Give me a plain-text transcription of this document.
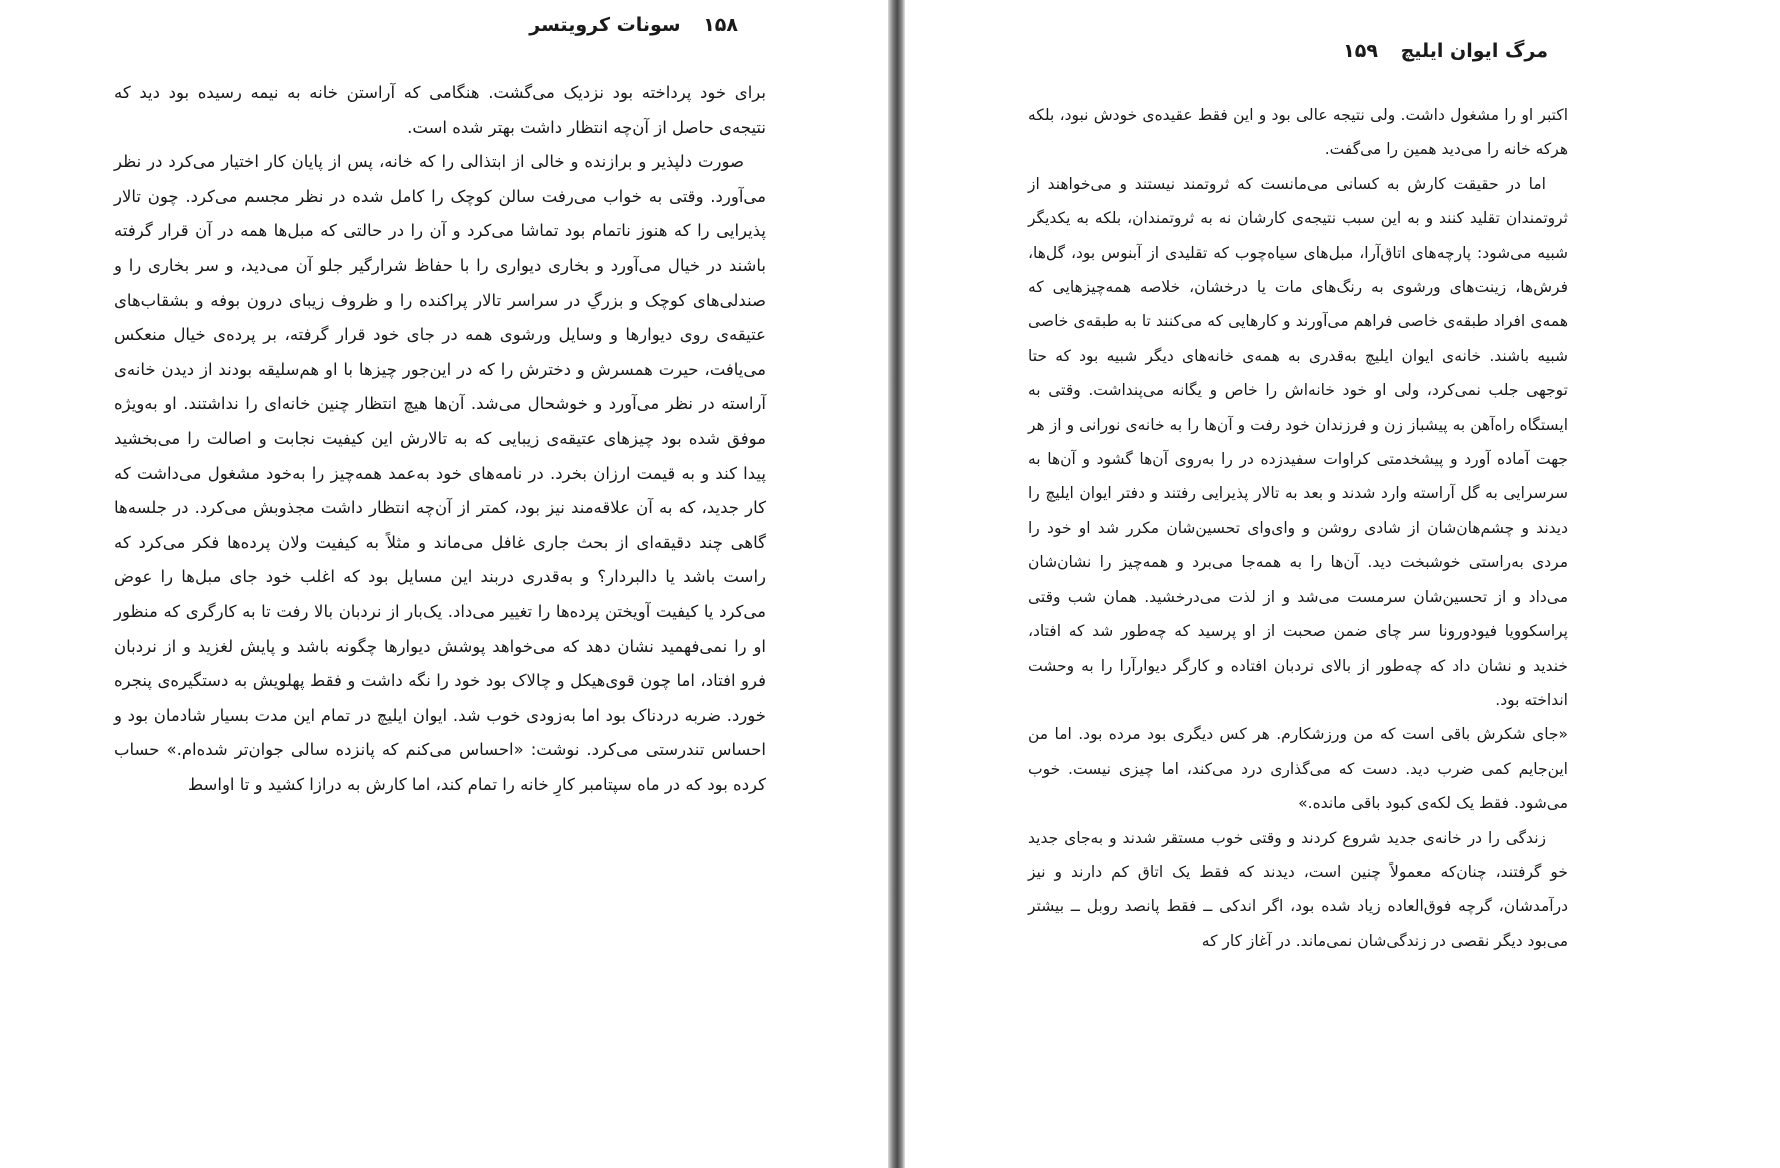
۱۵۸ سونات کرویتسر

برای خود پرداخته بود نزدیک می‌گشت. هنگامی که آراستن خانه به نیمه رسیده بود دید که نتیجه‌ی حاصل از آن‌چه انتظار داشت بهتر شده است.

صورت دلپذیر و برازنده و خالی از ابتذالی را که خانه، پس از پایان کار اختیار می‌کرد در نظر می‌آورد. وقتی به خواب می‌رفت سالن کوچک را کامل شده در نظر مجسم می‌کرد. چون تالار پذیرایی را که هنوز ناتمام بود تماشا می‌کرد و آن را در حالتی که مبل‌ها همه در آن قرار گرفته باشند در خیال می‌آورد و بخاری دیواری را با حفاظ شرارگیر جلو آن می‌دید، و سر بخاری را و صندلی‌های کوچک و بزرگِ در سراسر تالار پراکنده را و ظروف زیبای درون بوفه و بشقاب‌های عتیقه‌ی روی دیوارها و وسایل ورشوی همه در جای خود قرار گرفته، بر پرده‌ی خیال منعکس می‌یافت، حیرت همسرش و دخترش را که در این‌جور چیزها با او هم‌سلیقه بودند از دیدن خانه‌ی آراسته در نظر می‌آورد و خوشحال می‌شد. آن‌ها هیچ انتظار چنین خانه‌ای را نداشتند. او به‌ویژه موفق شده بود چیزهای عتیقه‌ی زیبایی که به تالارش این کیفیت نجابت و اصالت را می‌بخشید پیدا کند و به قیمت ارزان بخرد. در نامه‌های خود به‌عمد همه‌چیز را به‌خود مشغول می‌داشت که کار جدید، که به آن علاقه‌مند نیز بود، کمتر از آن‌چه انتظار داشت مجذوبش می‌کرد. در جلسه‌ها گاهی چند دقیقه‌ای از بحث جاری غافل می‌ماند و مثلاً به کیفیت ولان پرده‌ها فکر می‌کرد که راست باشد یا دالبردار؟ و به‌قدری دربند این مسایل بود که اغلب خود جای مبل‌ها را عوض می‌کرد یا کیفیت آویختن پرده‌ها را تغییر می‌داد. یک‌بار از نردبان بالا رفت تا به کارگری که منظور او را نمی‌فهمید نشان دهد که می‌خواهد پوشش دیوارها چگونه باشد و پایش لغزید و از نردبان فرو افتاد، اما چون قوی‌هیکل و چالاک بود خود را نگه داشت و فقط پهلویش به دستگیره‌ی پنجره خورد. ضربه دردناک بود اما به‌زودی خوب شد. ایوان ایلیچ در تمام این مدت بسیار شادمان بود و احساس تندرستی می‌کرد. نوشت: «احساس می‌کنم که پانزده سالی جوان‌تر شده‌ام.» حساب کرده بود که در ماه سپتامبر کارِ خانه را تمام کند، اما کارش به درازا کشید و تا اواسط

مرگ ایوان ایلیچ ۱۵۹

اکتبر او را مشغول داشت. ولی نتیجه عالی بود و این فقط عقیده‌ی خودش نبود، بلکه هرکه خانه را می‌دید همین را می‌گفت.

اما در حقیقت کارش به کسانی می‌مانست که ثروتمند نیستند و می‌خواهند از ثروتمندان تقلید کنند و به این سبب نتیجه‌ی کارشان نه به ثروتمندان، بلکه به یکدیگر شبیه می‌شود: پارچه‌های اتاق‌آرا، مبل‌های سیاه‌چوب که تقلیدی از آبنوس بود، گل‌ها، فرش‌ها، زینت‌های ورشوی به رنگ‌های مات یا درخشان، خلاصه همه‌چیزهایی که همه‌ی افراد طبقه‌ی خاصی فراهم می‌آورند و کارهایی که می‌کنند تا به طبقه‌ی خاصی شبیه باشند. خانه‌ی ایوان ایلیچ به‌قدری به همه‌ی خانه‌های دیگر شبیه بود که حتا توجهی جلب نمی‌کرد، ولی او خود خانه‌اش را خاص و یگانه می‌پنداشت. وقتی به ایستگاه راه‌آهن به پیشباز زن و فرزندان خود رفت و آن‌ها را به خانه‌ی نورانی و از هر جهت آماده آورد و پیشخدمتی کراوات سفیدزده در را به‌روی آن‌ها گشود و آن‌ها به سرسرایی به گل آراسته وارد شدند و بعد به تالار پذیرایی رفتند و دفتر ایوان ایلیچ را دیدند و چشم‌هان‌شان از شادی روشن و وای‌وای تحسین‌شان مکرر شد او خود را مردی به‌راستی خوشبخت دید. آن‌ها را به همه‌جا می‌برد و همه‌چیز را نشان‌شان می‌داد و از تحسین‌شان سرمست می‌شد و از لذت می‌درخشید. همان شب وقتی پراسکوویا فیودورونا سر چای ضمن صحبت از او پرسید که چه‌طور شد که افتاد، خندید و نشان داد که چه‌طور از بالای نردبان افتاده و کارگر دیوارآرا را به وحشت انداخته بود.

«جای شکرش باقی است که من ورزشکارم. هر کس دیگری بود مرده بود. اما من این‌جایم کمی ضرب دید. دست که می‌گذاری درد می‌کند، اما چیزی نیست. خوب می‌شود. فقط یک لکه‌ی کبود باقی مانده.»

زندگی را در خانه‌ی جدید شروع کردند و وقتی خوب مستقر شدند و به‌جای جدید خو گرفتند، چنان‌که معمولاً چنین است، دیدند که فقط یک اتاق کم دارند و نیز درآمدشان، گرچه فوق‌العاده زیاد شده بود، اگر اندکی ــ فقط پانصد روبل ــ بیشتر می‌بود دیگر نقصی در زندگی‌شان نمی‌ماند. در آغاز کار که
